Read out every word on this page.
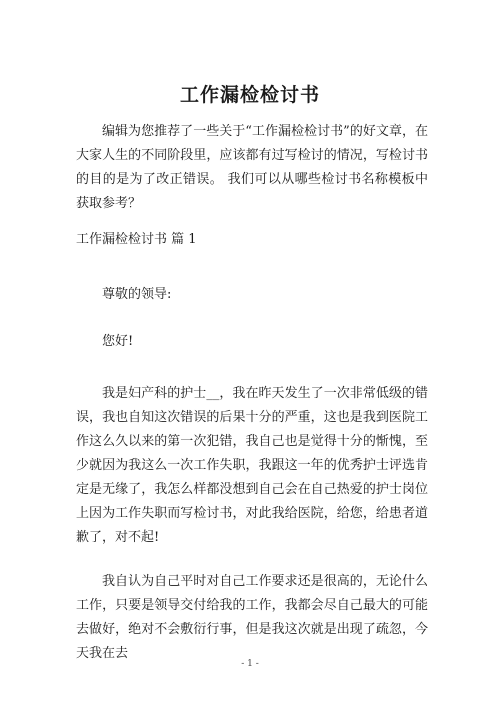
工作漏检检讨书

编辑为您推荐了一些关于“工作漏检检讨书”的好文章，在大家人生的不同阶段里，应该都有过写检讨的情况，写检讨书的目的是为了改正错误。 我们可以从哪些检讨书名称模板中获取参考？

工作漏检检讨书 篇 1
尊敬的领导:
您好!

我是妇产科的护士__，我在昨天发生了一次非常低级的错误，我也自知这次错误的后果十分的严重，这也是我到医院工作这么久以来的第一次犯错，我自己也是觉得十分的惭愧，至少就因为我这么一次工作失职，我跟这一年的优秀护士评选肯定是无缘了，我怎么样都没想到自己会在自己热爱的护士岗位上因为工作失职而写检讨书，对此我给医院，给您，给患者道歉了，对不起!

我自认为自己平时对自己工作要求还是很高的，无论什么工作，只要是领导交付给我的工作，我都会尽自己最大的可能去做好，绝对不会敷衍行事，但是我这次就是出现了疏忽，今天我在去

- 1 -
